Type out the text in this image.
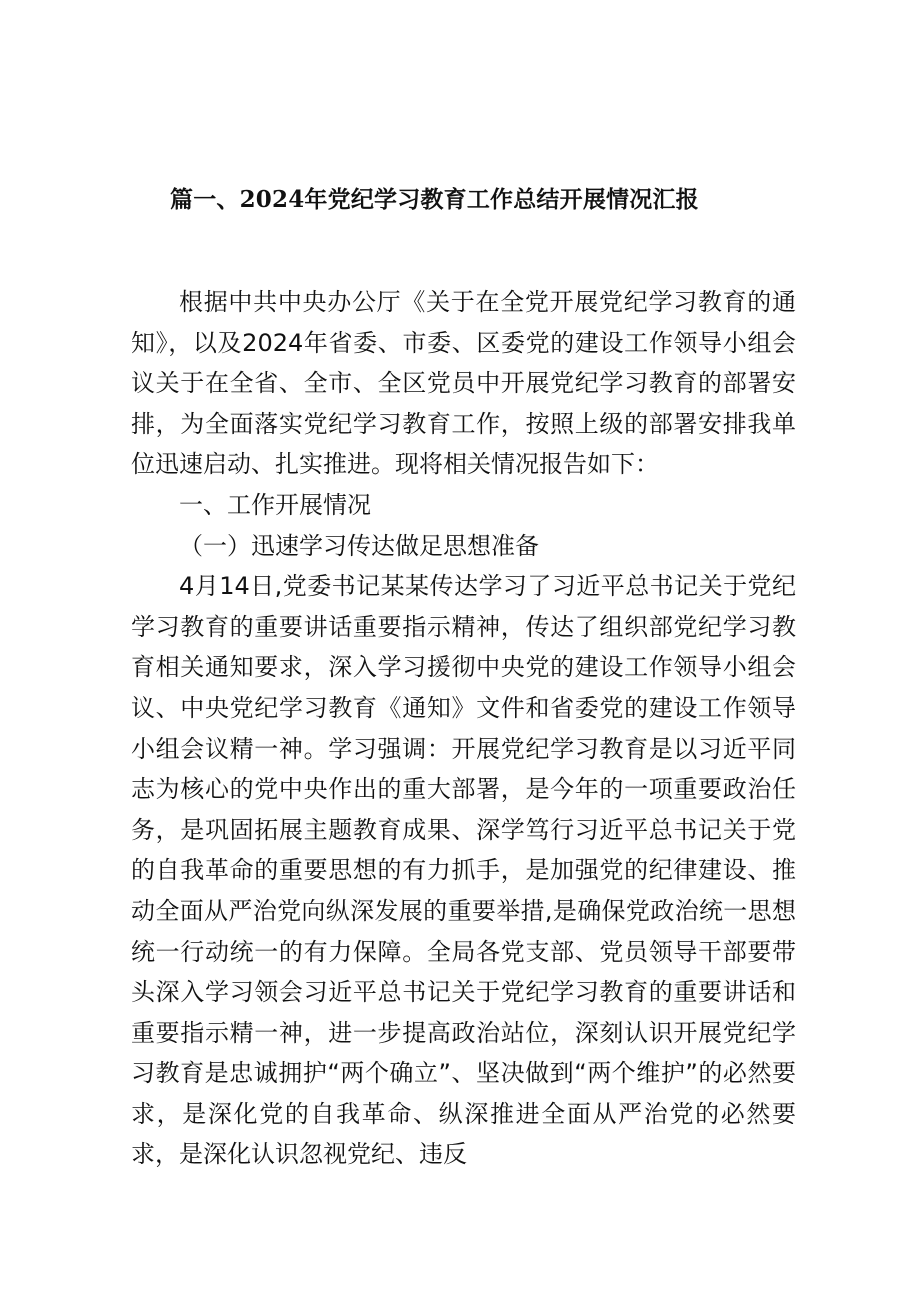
篇一、2024年党纪学习教育工作总结开展情况汇报

根据中共中央办公厅《关于在全党开展党纪学习教育的通知》，以及2024年省委、市委、区委党的建设工作领导小组会议关于在全省、全市、全区党员中开展党纪学习教育的部署安排，为全面落实党纪学习教育工作，按照上级的部署安排我单位迅速启动、扎实推进。现将相关情况报告如下：

一、工作开展情况

（一）迅速学习传达做足思想准备

4月14日,党委书记某某传达学习了习近平总书记关于党纪学习教育的重要讲话重要指示精神，传达了组织部党纪学习教育相关通知要求，深入学习援彻中央党的建设工作领导小组会议、中央党纪学习教育《通知》文件和省委党的建设工作领导小组会议精一神。学习强调：开展党纪学习教育是以习近平同志为核心的党中央作出的重大部署，是今年的一项重要政治任务，是巩固拓展主题教育成果、深学笃行习近平总书记关于党的自我革命的重要思想的有力抓手，是加强党的纪律建设、推动全面从严治党向纵深发展的重要举措,是确保党政治统一思想统一行动统一的有力保障。全局各党支部、党员领导干部要带头深入学习领会习近平总书记关于党纪学习教育的重要讲话和重要指示精一神，进一步提高政治站位，深刻认识开展党纪学习教育是忠诚拥护“两个确立”、坚决做到“两个维护”的必然要求，是深化党的自我革命、纵深推进全面从严治党的必然要求，是深化认识忽视党纪、违反
